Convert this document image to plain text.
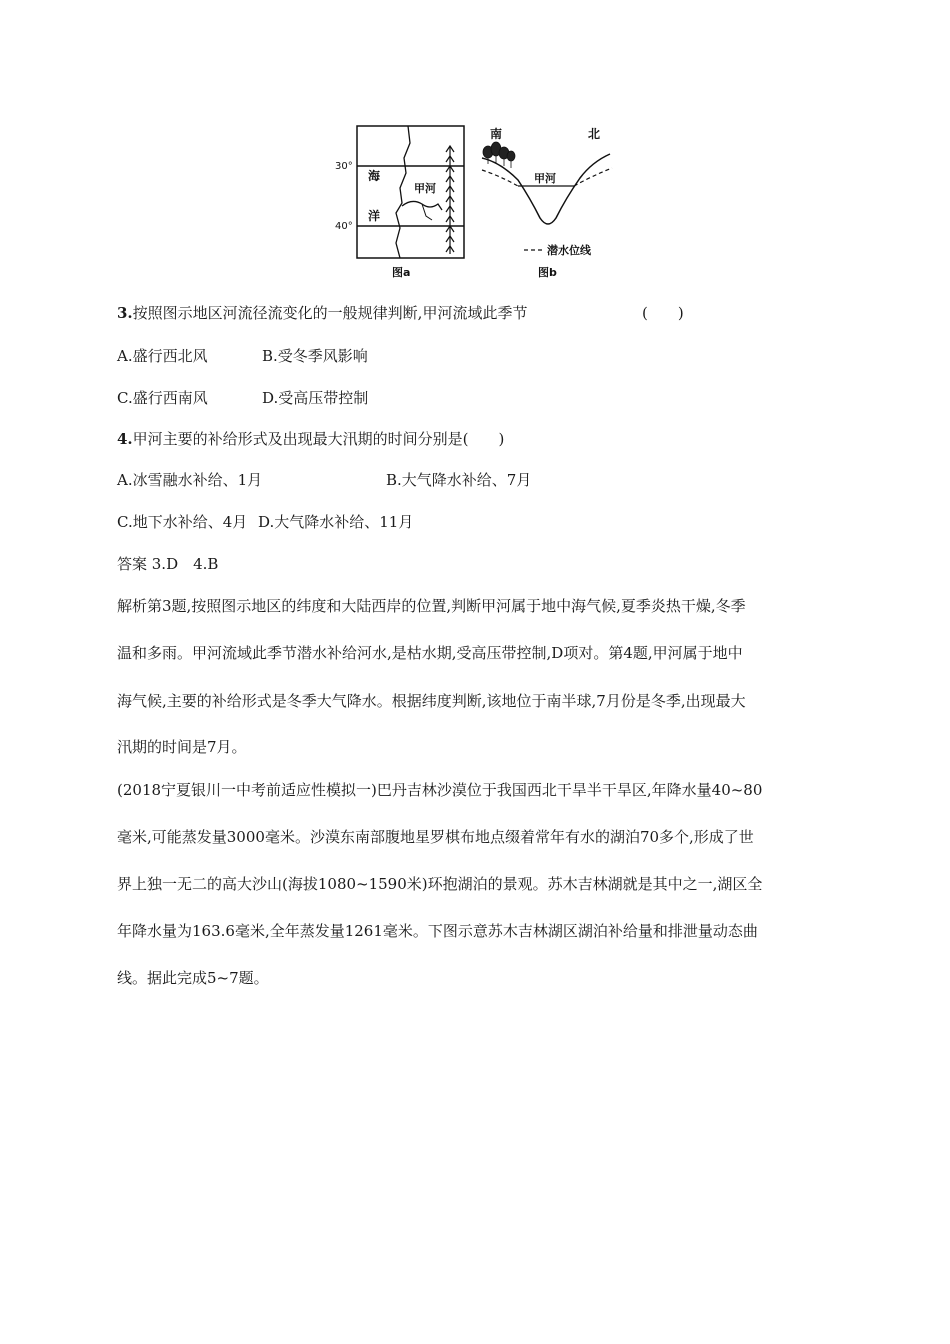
30°
40°
海
洋
甲河
图a
南	北
甲河
潜水位线
图b
3.按照图示地区河流径流变化的一般规律判断,甲河流域此季节	(　　)
A.盛行西北风	B.受冬季风影响
C.盛行西南风	D.受高压带控制
4.甲河主要的补给形式及出现最大汛期的时间分别是(　　)
A.冰雪融水补给、1月	B.大气降水补给、7月
C.地下水补给、4月 D.大气降水补给、11月
答案 3.D　4.B
解析第3题,按照图示地区的纬度和大陆西岸的位置,判断甲河属于地中海气候,夏季炎热干燥,冬季
温和多雨。甲河流域此季节潜水补给河水,是枯水期,受高压带控制,D项对。第4题,甲河属于地中
海气候,主要的补给形式是冬季大气降水。根据纬度判断,该地位于南半球,7月份是冬季,出现最大
汛期的时间是7月。
(2018宁夏银川一中考前适应性模拟一)巴丹吉林沙漠位于我国西北干旱半干旱区,年降水量40~80
毫米,可能蒸发量3000毫米。沙漠东南部腹地星罗棋布地点缀着常年有水的湖泊70多个,形成了世
界上独一无二的高大沙山(海拔1080~1590米)环抱湖泊的景观。苏木吉林湖就是其中之一,湖区全
年降水量为163.6毫米,全年蒸发量1261毫米。下图示意苏木吉林湖区湖泊补给量和排泄量动态曲
线。据此完成5~7题。
